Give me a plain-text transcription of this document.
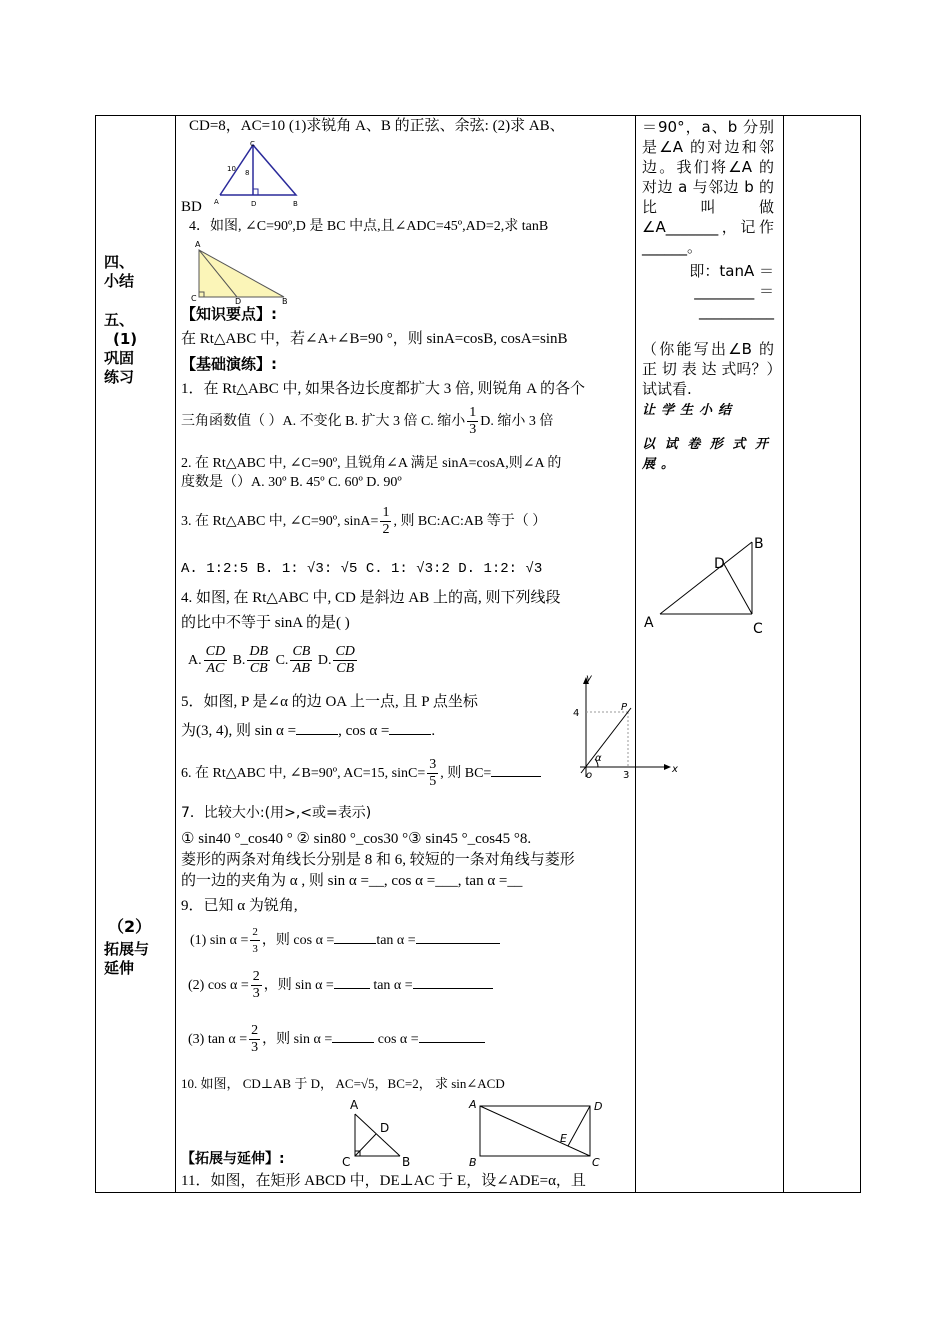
四、
小结
五、
(1)
巩固
练习
（2）
拓展与
延伸
CD=8，AC=10 (1)求锐角 A、B 的正弦、余弦: (2)求 AB、
C
10 8
A	D	B
BD
4．如图, ∠C=90º,D 是 BC 中点,且∠ADC=45º,AD=2,求 tanB
A
C	D	B
【知识要点】:
在 Rt△ABC 中，若∠A+∠B=90 °，则 sinA=cosB, cosA=sinB
【基础演练】:
1．在 Rt△ABC 中, 如果各边长度都扩大 3 倍, 则锐角 A 的各个
三角函数值（ ）A. 不变化 B. 扩大 3 倍 C. 缩小 $\frac{1}{3} D$. 缩小 3 倍
2. 在 Rt△ABC 中, ∠C=90º, 且锐角∠A 满足 sinA=cosA,则∠A 的
度数是（）A. 30º B. 45º C. 60º D. 90º
3. 在 Rt△ABC 中, ∠C=90º, $\sin A= \frac{1}{2}$ , 则 BC:AC:AB 等于（ ）
A. 1:2:5 B. 1: √3: √5 C. 1: √3:2 D. 1:2: √3
4. 如图, 在 Rt△ABC 中, CD 是斜边 AB 上的高, 则下列线段
的比中不等于 sinA 的是( )
A. $\frac{CD}{AC} B$. $\frac{DB}{CB} C$. $\frac{CB}{AB} D$. $\frac{CD}{CB}$
5．如图, P 是∠α 的边 OA 上一点, 且 P 点坐标
为(3, 4), 则 sin α =	, cos α =	.
y
x
4
3
P
o
α
6. 在 Rt△ABC 中, ∠B=90º, AC=15, $\sin C= \frac{3}{5}$ , 则 BC=
7．比较大小:(用>,<或=表示)
① sin40 °_cos40 ° ② sin80 °_cos30 °③ sin45 °_cos45 °8.
菱形的两条对角线长分别是 8 和 6, 较短的一条对角线与菱形
的一边的夹角为 α , 则 sin α =__, cos α =___, tan α =__
9．已知 α 为锐角,
(1) $\sin \alpha = \frac{2}{3}$ ，则 cos α =	tan α =
(2) $\cos \alpha = \frac{2}{3}$ ，则 sin α =	tan α =
(3) $\tan \alpha = \frac{2}{3}$ ，则 sin α =	cos α =
10. 如图， CD⊥AB 于 D， AC=√5，BC=2， 求 sin∠ACD
A
D
C	B
A	D
E
B	C
【拓展与延伸】:
11．如图，在矩形 ABCD 中，DE⊥AC 于 E，设∠ADE=α，且
＝90°，a、b 分别是∠A 的对边和邻边。我们将∠A 的对边 a 与邻边 b 的比 叫 做∠A_______，记作______。
即：tanA ＝ ________ ＝ __________
（你能写出∠B 的正 切 表 达 式吗？）试试看.
让学生小结
以试卷形式开展。
A
B
D
C
